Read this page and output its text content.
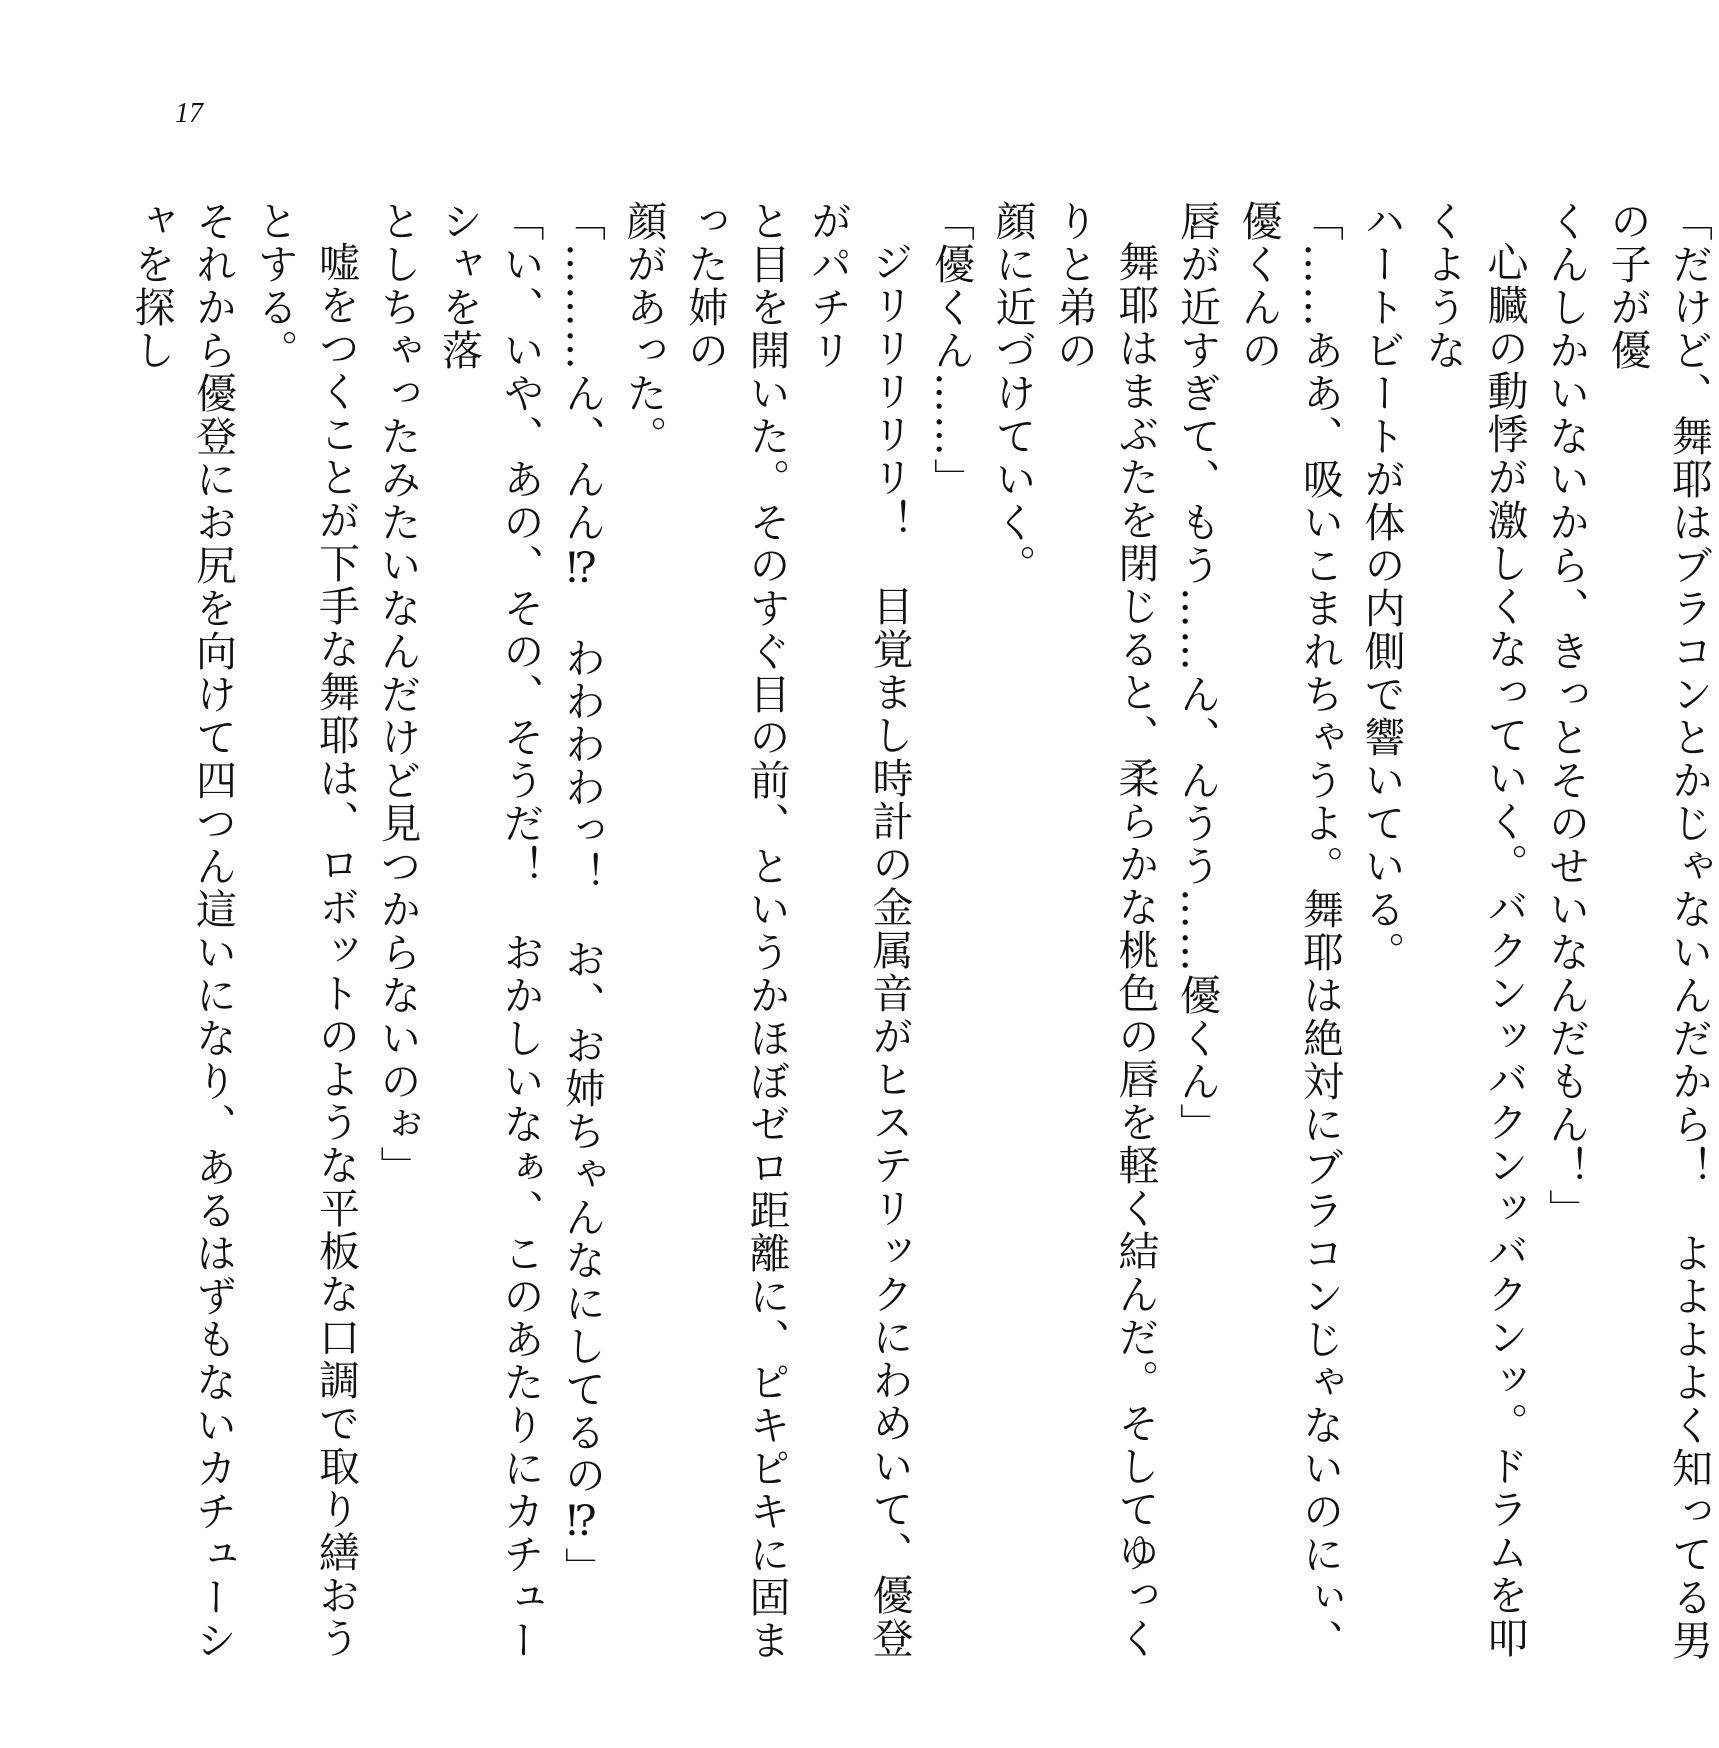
17

「だけど、舞耶はブラコンとかじゃないんだから！　よよよよく知ってる男の子が優

くんしかいないから、きっとそのせいなんだもん！」

心臓の動悸が激しくなっていく。バクンッバクンッバクンッ。ドラムを叩くような

ハートビートが体の内側で響いている。

「……ああ、吸いこまれちゃうよ。舞耶は絶対にブラコンじゃないのにぃ、優くんの

唇が近すぎて、もう……ん、んうう……優くん」

舞耶はまぶたを閉じると、柔らかな桃色の唇を軽く結んだ。そしてゆっくりと弟の

顔に近づけていく。

「優くん……」

ジリリリリリ！　目覚まし時計の金属音がヒステリックにわめいて、優登がパチリ

と目を開いた。そのすぐ目の前、というかほぼゼロ距離に、ピキピキに固まった姉の

顔があった。

「………ん、んん⁉　わわわわっ！　お、お姉ちゃんなにしてるの⁉」

「い、いや、あの、その、そうだ！　おかしいなぁ、このあたりにカチューシャを落

としちゃったみたいなんだけど見つからないのぉ」

嘘をつくことが下手な舞耶は、ロボットのような平板な口調で取り繕おうとする。

それから優登にお尻を向けて四つん這いになり、あるはずもないカチューシャを探し
